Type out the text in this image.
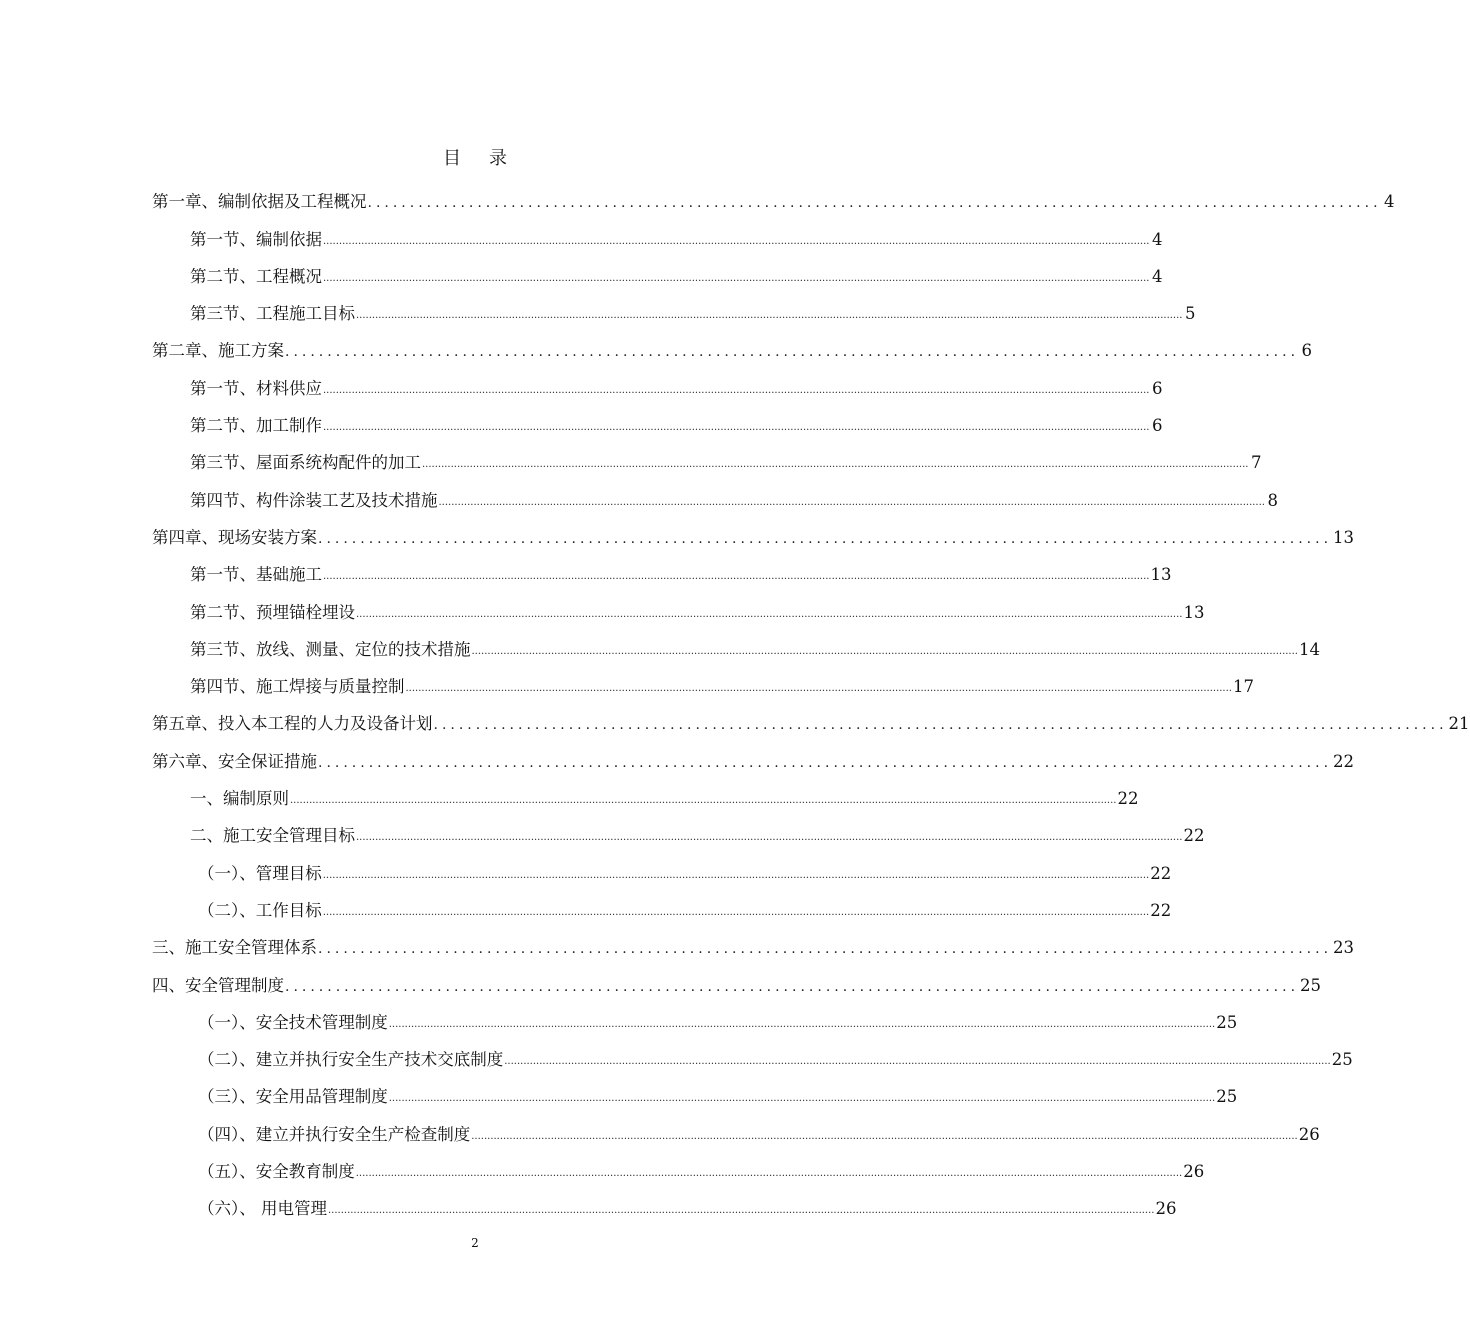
目录
第一章、编制依据及工程概况 ........................................................................................................................ 4
第一节、编制依据 .................................................................................................................................................................................................................................................................... 4
第二节、工程概况 .................................................................................................................................................................................................................................................................... 4
第三节、工程施工目标 .................................................................................................................................................................................................................................................................... 5
第二章、施工方案 ........................................................................................................................ 6
第一节、材料供应 .................................................................................................................................................................................................................................................................... 6
第二节、加工制作 .................................................................................................................................................................................................................................................................... 6
第三节、屋面系统构配件的加工 .................................................................................................................................................................................................................................................................... 7
第四节、构件涂装工艺及技术措施 .................................................................................................................................................................................................................................................................... 8
第四章、现场安装方案 ........................................................................................................................ 13
第一节、基础施工 .................................................................................................................................................................................................................................................................... 13
第二节、预埋锚栓埋设 .................................................................................................................................................................................................................................................................... 13
第三节、放线、测量、定位的技术措施 .................................................................................................................................................................................................................................................................... 14
第四节、施工焊接与质量控制 .................................................................................................................................................................................................................................................................... 17
第五章、投入本工程的人力及设备计划 ........................................................................................................................ 21
第六章、安全保证措施 ........................................................................................................................ 22
一、编制原则 .................................................................................................................................................................................................................................................................... 22
二、施工安全管理目标 .................................................................................................................................................................................................................................................................... 22
（一）、管理目标 .................................................................................................................................................................................................................................................................... 22
（二）、工作目标 .................................................................................................................................................................................................................................................................... 22
三、施工安全管理体系 ........................................................................................................................ 23
四、安全管理制度 ........................................................................................................................ 25
（一）、安全技术管理制度 .................................................................................................................................................................................................................................................................... 25
（二）、建立并执行安全生产技术交底制度 .................................................................................................................................................................................................................................................................... 25
（三）、安全用品管理制度 .................................................................................................................................................................................................................................................................... 25
（四）、建立并执行安全生产检查制度 .................................................................................................................................................................................................................................................................... 26
（五）、安全教育制度 .................................................................................................................................................................................................................................................................... 26
（六）、 用电管理 .................................................................................................................................................................................................................................................................... 26
2
